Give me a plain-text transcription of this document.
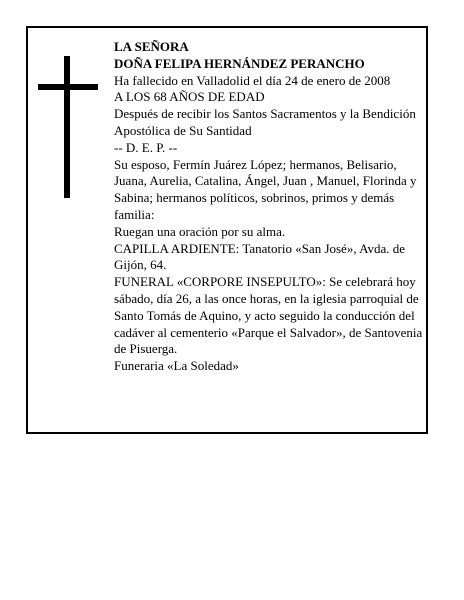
LA SEÑORA
DOÑA FELIPA HERNÁNDEZ PERANCHO
Ha fallecido en Valladolid el día 24 de enero de 2008
A LOS 68 AÑOS DE EDAD
Después de recibir los Santos Sacramentos y la Bendición Apostólica de Su Santidad
-- D. E. P. --
Su esposo, Fermín Juárez López; hermanos, Belisario, Juana, Aurelia, Catalina, Ángel, Juan , Manuel, Florinda y Sabina; hermanos políticos, sobrinos, primos y demás familia:
Ruegan una oración por su alma.
CAPILLA ARDIENTE: Tanatorio «San José», Avda. de Gijón, 64.
FUNERAL «CORPORE INSEPULTO»: Se celebrará hoy sábado, día 26, a las once horas, en la iglesia parroquial de Santo Tomás de Aquino, y acto seguido la conducción del cadáver al cementerio «Parque el Salvador», de Santovenia de Pisuerga.
Funeraria «La Soledad»
